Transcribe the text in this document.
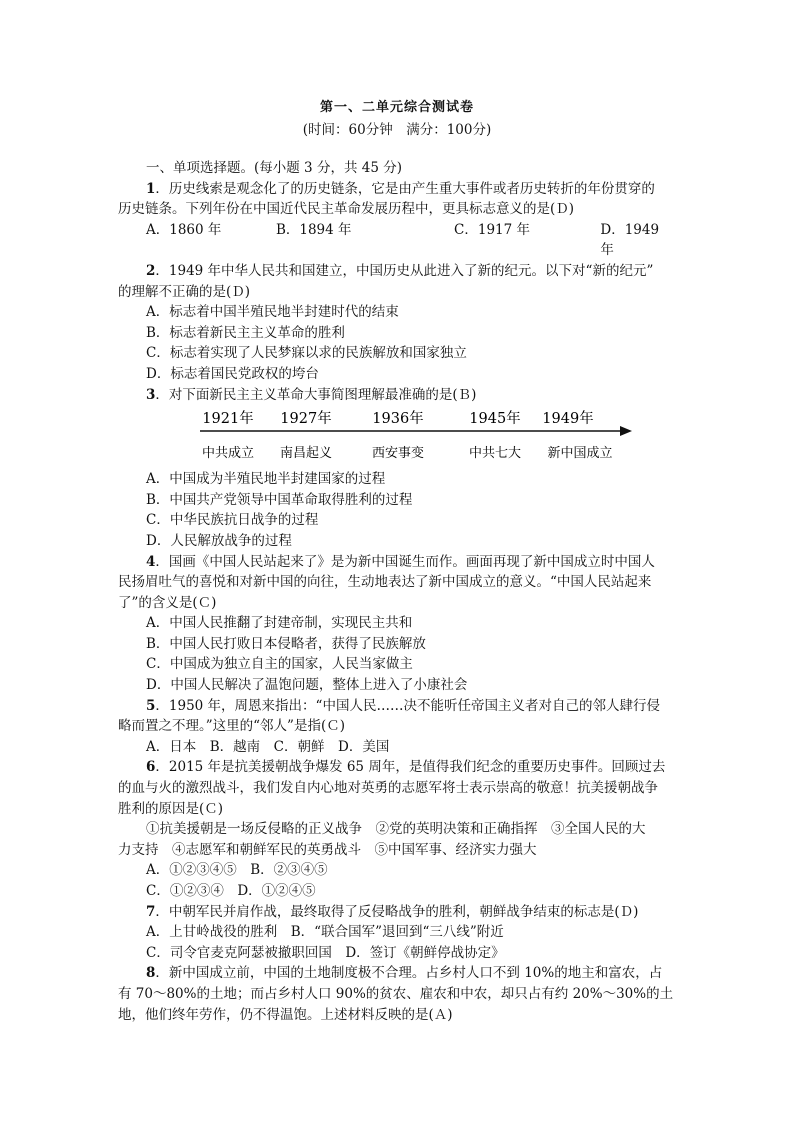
第一、二单元综合测试卷
(时间：60分钟　满分：100分)

一、单项选择题。(每小题 3 分，共 45 分)

1．历史线索是观念化了的历史链条，它是由产生重大事件或者历史转折的年份贯穿的

历史链条。下列年份在中国近代民主革命发展历程中，更具标志意义的是(Ｄ)

A．1860 年	B．1894 年	C．1917 年	D．1949 年

2．1949 年中华人民共和国建立，中国历史从此进入了新的纪元。以下对“新的纪元”

的理解不正确的是(Ｄ)

A．标志着中国半殖民地半封建时代的结束

B．标志着新民主主义革命的胜利

C．标志着实现了人民梦寐以求的民族解放和国家独立

D．标志着国民党政权的垮台

3．对下面新民主主义革命大事简图理解最准确的是(Ｂ)

1921年 1927年	1936年	1945年 1949年
中共成立 南昌起义	西安事变	中共七大 新中国成立

A．中国成为半殖民地半封建国家的过程

B．中国共产党领导中国革命取得胜利的过程

C．中华民族抗日战争的过程

D．人民解放战争的过程

4．国画《中国人民站起来了》是为新中国诞生而作。画面再现了新中国成立时中国人

民扬眉吐气的喜悦和对新中国的向往，生动地表达了新中国成立的意义。“中国人民站起来

了”的含义是(Ｃ)

A．中国人民推翻了封建帝制，实现民主共和

B．中国人民打败日本侵略者，获得了民族解放

C．中国成为独立自主的国家，人民当家做主

D．中国人民解决了温饱问题，整体上进入了小康社会

5．1950 年，周恩来指出：“中国人民……决不能听任帝国主义者对自己的邻人肆行侵

略而置之不理。”这里的“邻人”是指(Ｃ)

A．日本　B．越南　C．朝鲜　D．美国

6．2015 年是抗美援朝战争爆发 65 周年，是值得我们纪念的重要历史事件。回顾过去

的血与火的激烈战斗，我们发自内心地对英勇的志愿军将士表示崇高的敬意！抗美援朝战争

胜利的原因是(Ｃ)

①抗美援朝是一场反侵略的正义战争　②党的英明决策和正确指挥　③全国人民的大

力支持　④志愿军和朝鲜军民的英勇战斗　⑤中国军事、经济实力强大

A．①②③④⑤　B．②③④⑤

C．①②③④　D．①②④⑤

7．中朝军民并肩作战，最终取得了反侵略战争的胜利，朝鲜战争结束的标志是(Ｄ)

A．上甘岭战役的胜利　B．“联合国军”退回到“三八线”附近

C．司令官麦克阿瑟被撤职回国　D．签订《朝鲜停战协定》

8．新中国成立前，中国的土地制度极不合理。占乡村人口不到 10%的地主和富农，占

有 70～80%的土地；而占乡村人口 90%的贫农、雇农和中农，却只占有约 20%～30%的土

地，他们终年劳作，仍不得温饱。上述材料反映的是(Ａ)
